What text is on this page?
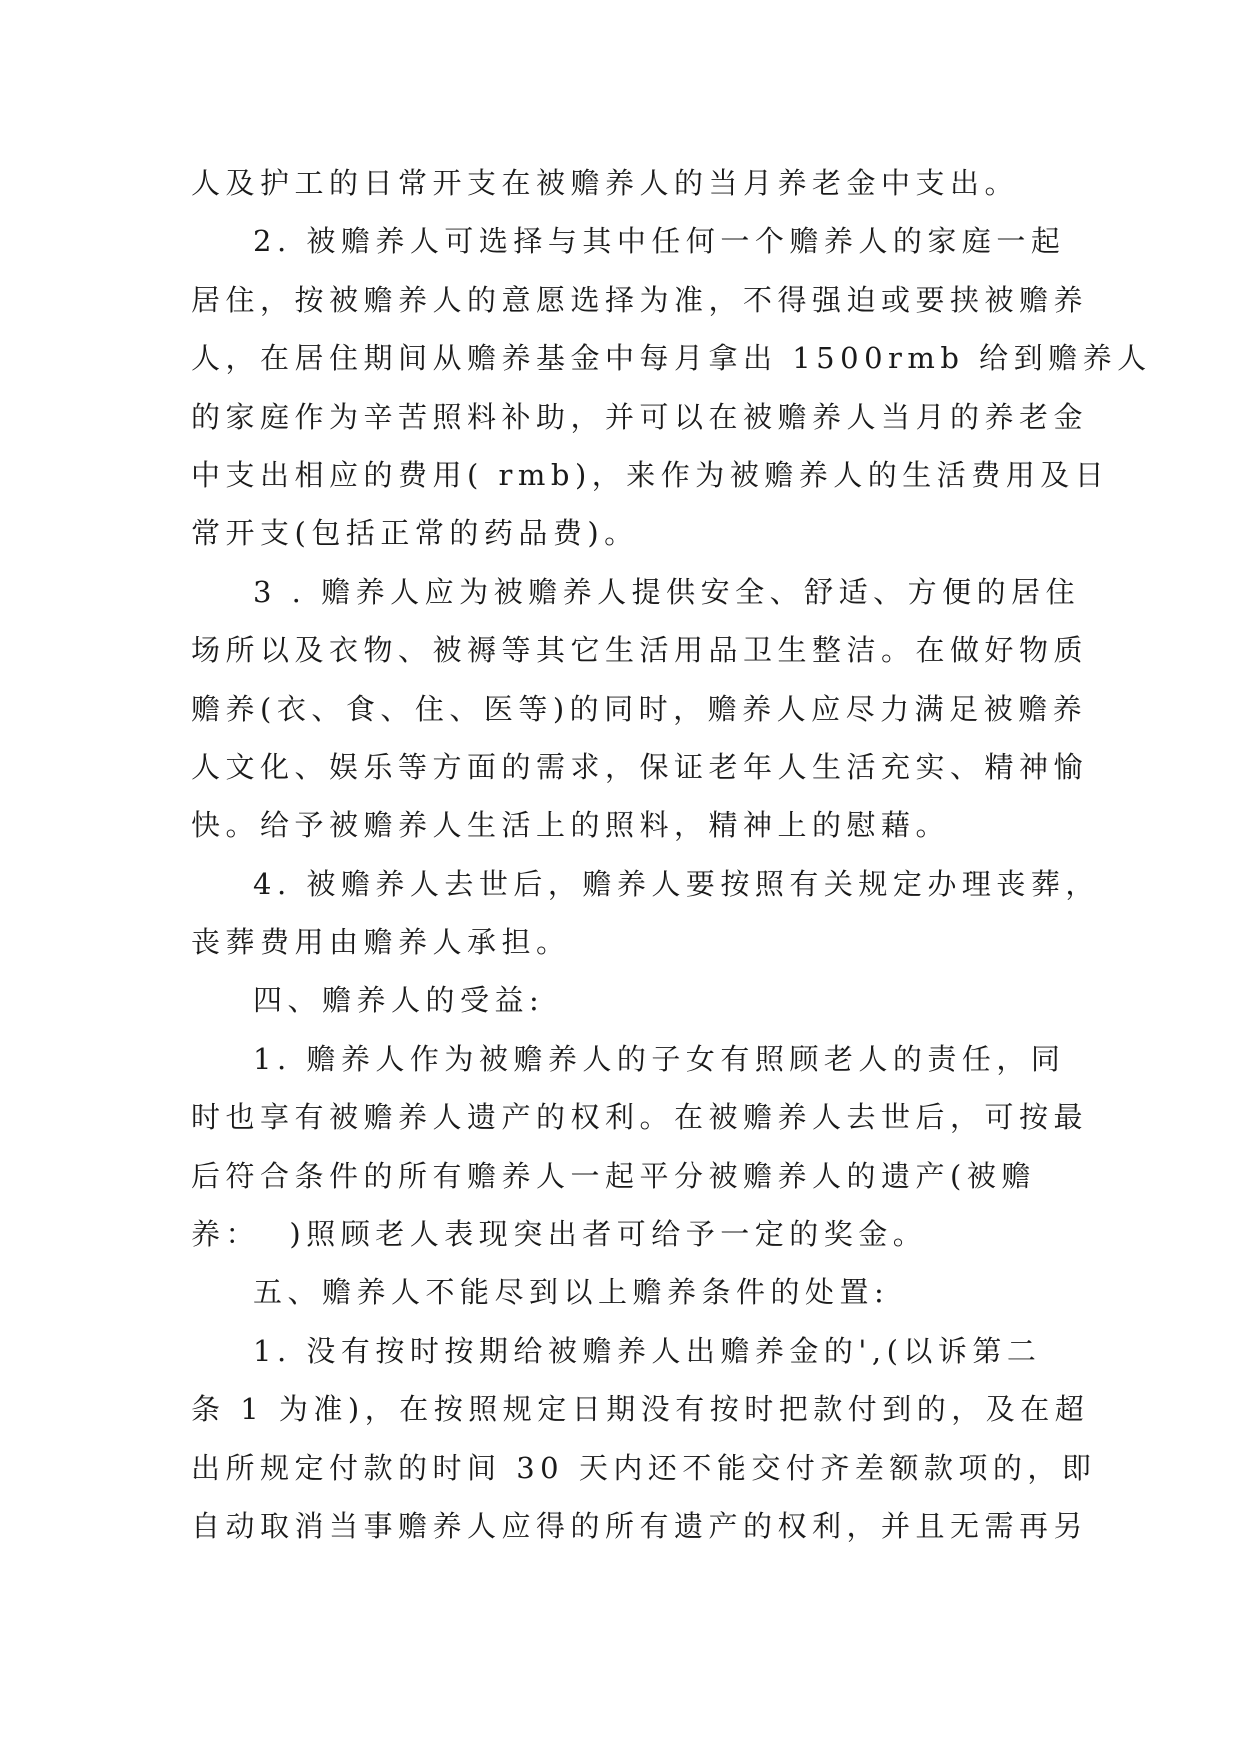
人及护工的日常开支在被赡养人的当月养老金中支出。
2. 被赡养人可选择与其中任何一个赡养人的家庭一起
居住，按被赡养人的意愿选择为准，不得强迫或要挟被赡养
人，在居住期间从赡养基金中每月拿出 1500rmb 给到赡养人
的家庭作为辛苦照料补助，并可以在被赡养人当月的养老金
中支出相应的费用( rmb)，来作为被赡养人的生活费用及日
常开支(包括正常的药品费)。
3 . 赡养人应为被赡养人提供安全、舒适、方便的居住
场所以及衣物、被褥等其它生活用品卫生整洁。在做好物质
赡养(衣、食、住、医等)的同时，赡养人应尽力满足被赡养
人文化、娱乐等方面的需求，保证老年人生活充实、精神愉
快。给予被赡养人生活上的照料，精神上的慰藉。
4. 被赡养人去世后，赡养人要按照有关规定办理丧葬，
丧葬费用由赡养人承担。
四、赡养人的受益:
1. 赡养人作为被赡养人的子女有照顾老人的责任，同
时也享有被赡养人遗产的权利。在被赡养人去世后，可按最
后符合条件的所有赡养人一起平分被赡养人的遗产(被赡
养：  )照顾老人表现突出者可给予一定的奖金。
五、赡养人不能尽到以上赡养条件的处置:
1. 没有按时按期给被赡养人出赡养金的',(以诉第二
条 1 为准)，在按照规定日期没有按时把款付到的，及在超
出所规定付款的时间 30 天内还不能交付齐差额款项的，即
自动取消当事赡养人应得的所有遗产的权利，并且无需再另
